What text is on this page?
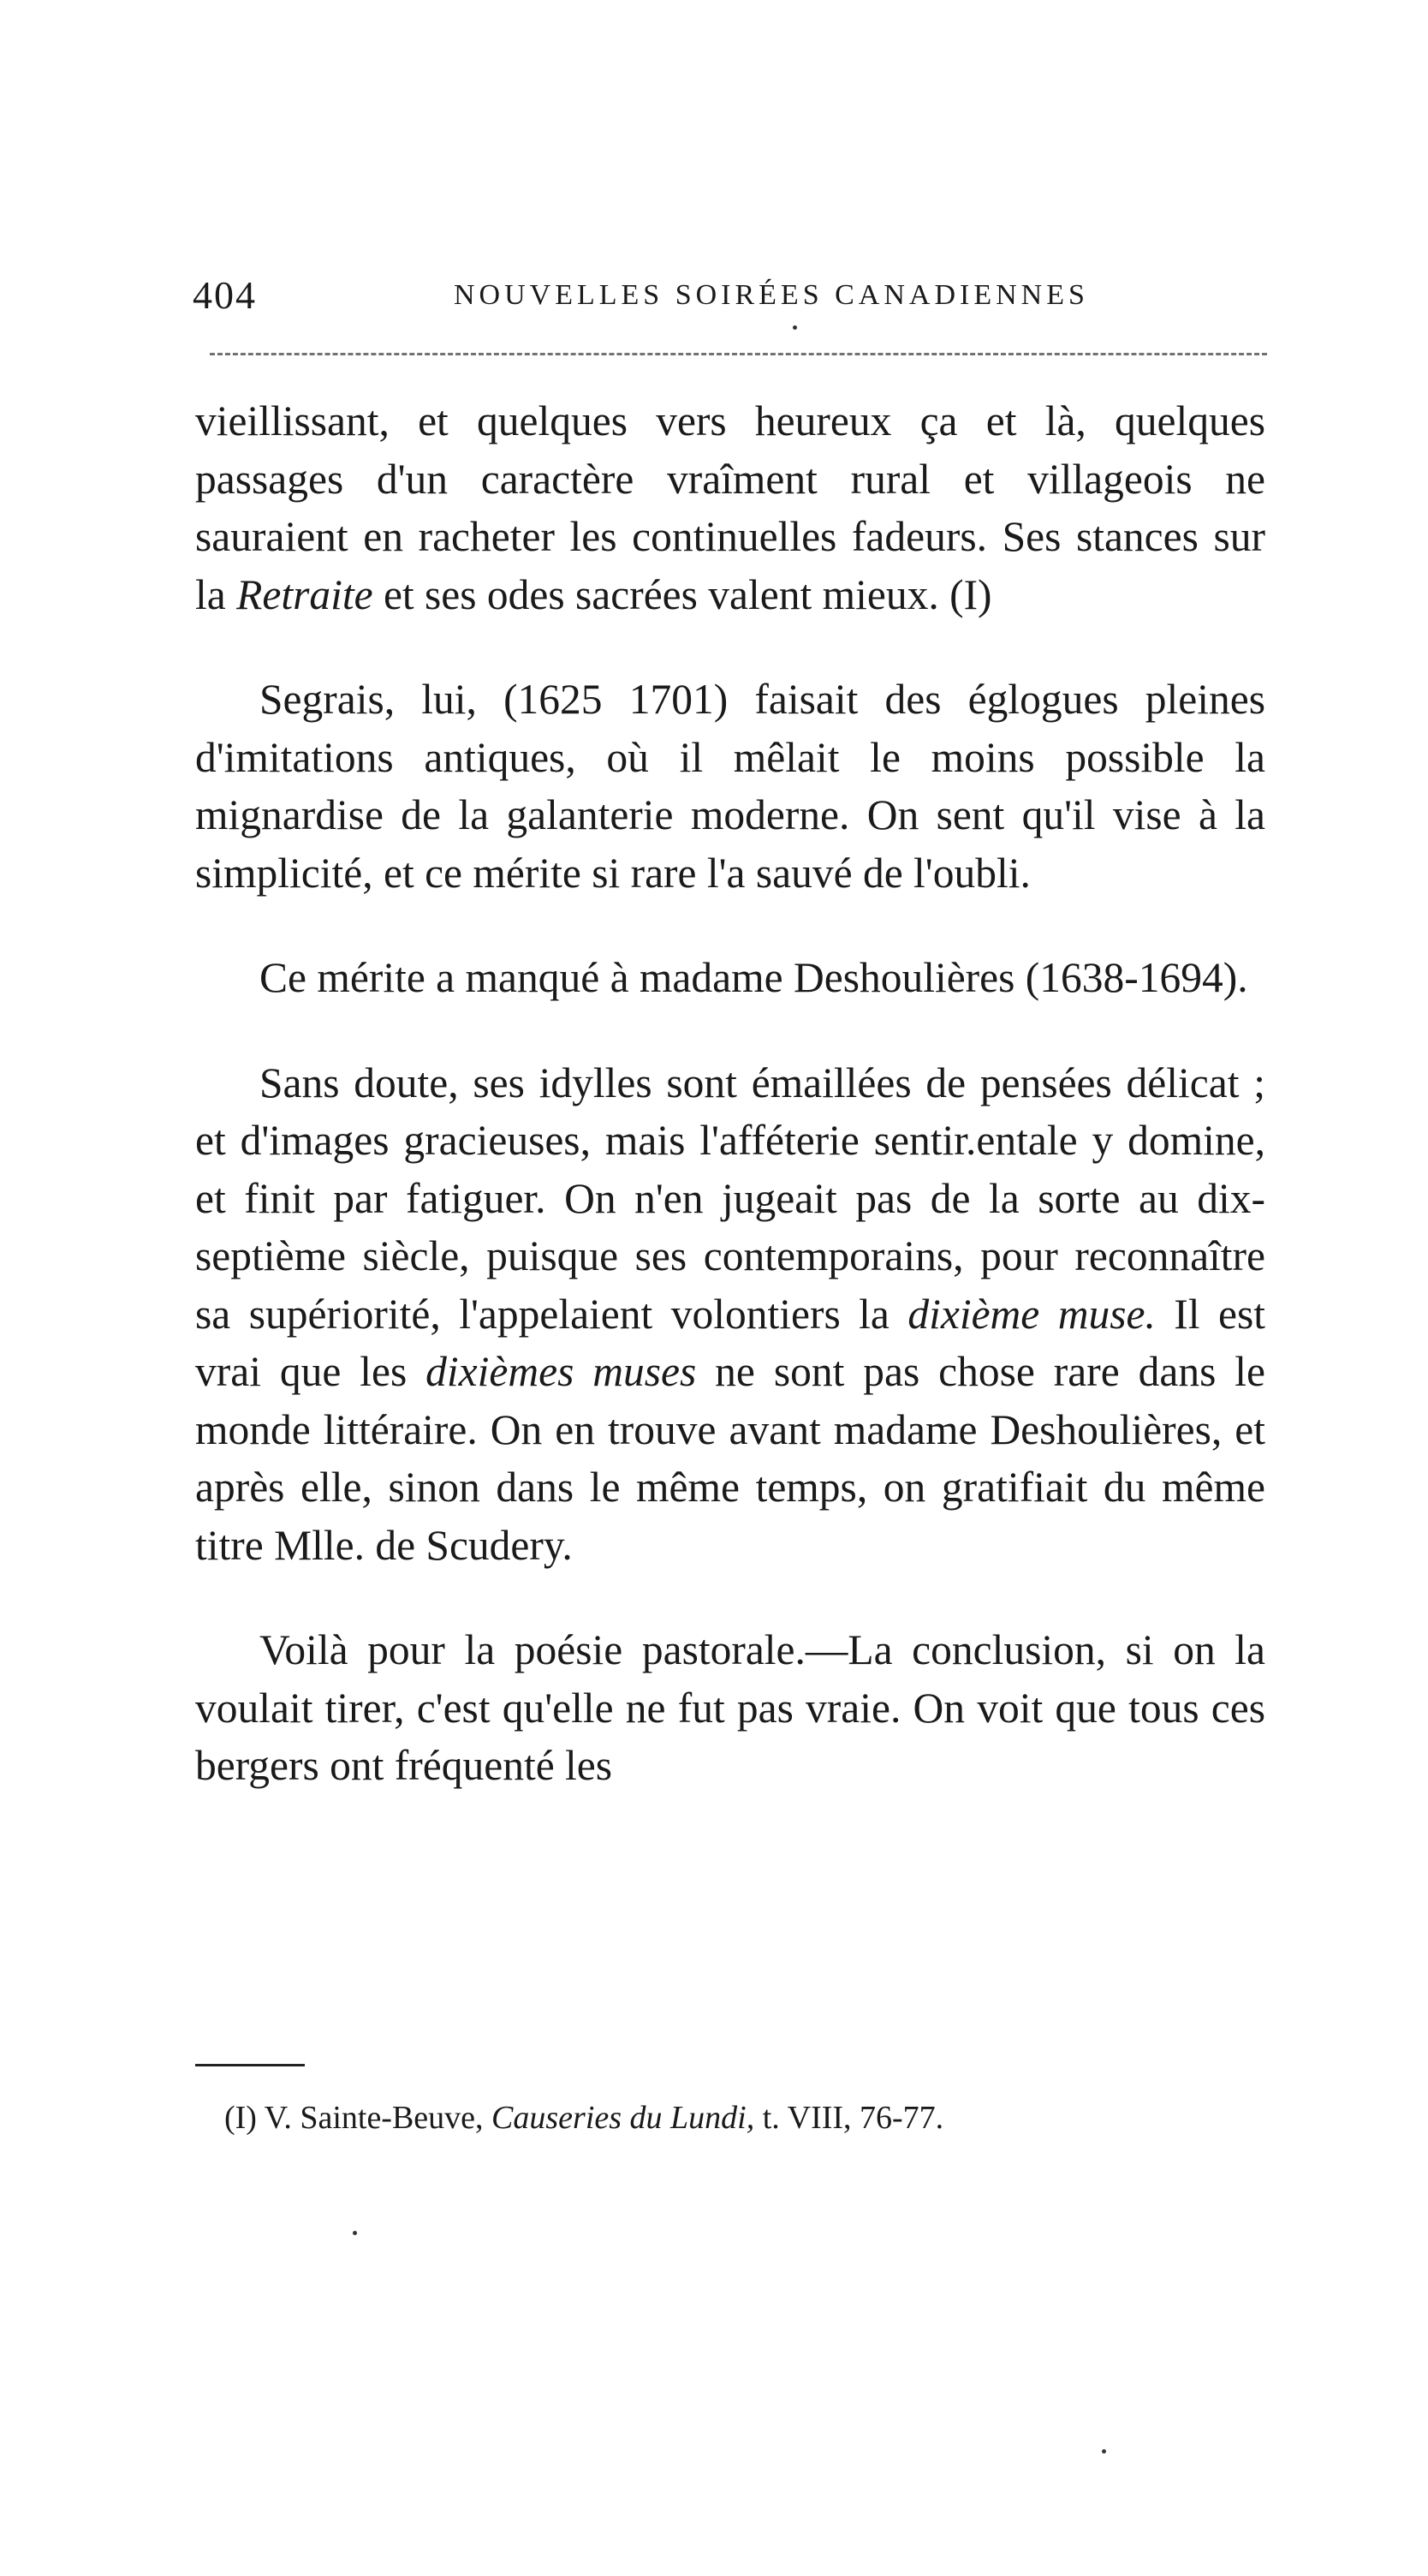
404	NOUVELLES SOIRÉES CANADIENNES

vieillissant, et quelques vers heureux ça et là, quelques passages d'un caractère vraîment rural et villageois ne sauraient en racheter les continuelles fadeurs. Ses stances sur la Retraite et ses odes sacrées valent mieux. (I)

Segrais, lui, (1625 1701) faisait des églogues pleines d'imitations antiques, où il mêlait le moins possible la mignardise de la galanterie moderne. On sent qu'il vise à la simplicité, et ce mérite si rare l'a sauvé de l'oubli.

Ce mérite a manqué à madame Deshoulières (1638-1694).

Sans doute, ses idylles sont émaillées de pensées délicat ; et d'images gracieuses, mais l'afféterie sentir.entale y domine, et finit par fatiguer. On n'en jugeait pas de la sorte au dix-septième siècle, puisque ses contemporains, pour reconnaître sa supériorité, l'appelaient volontiers la dixième muse. Il est vrai que les dixièmes muses ne sont pas chose rare dans le monde littéraire. On en trouve avant madame Deshoulières, et après elle, sinon dans le même temps, on gratifiait du même titre Mlle. de Scudery.

Voilà pour la poésie pastorale.—La conclusion, si on la voulait tirer, c'est qu'elle ne fut pas vraie. On voit que tous ces bergers ont fréquenté les

(I) V. Sainte-Beuve, Causeries du Lundi, t. VIII, 76-77.
